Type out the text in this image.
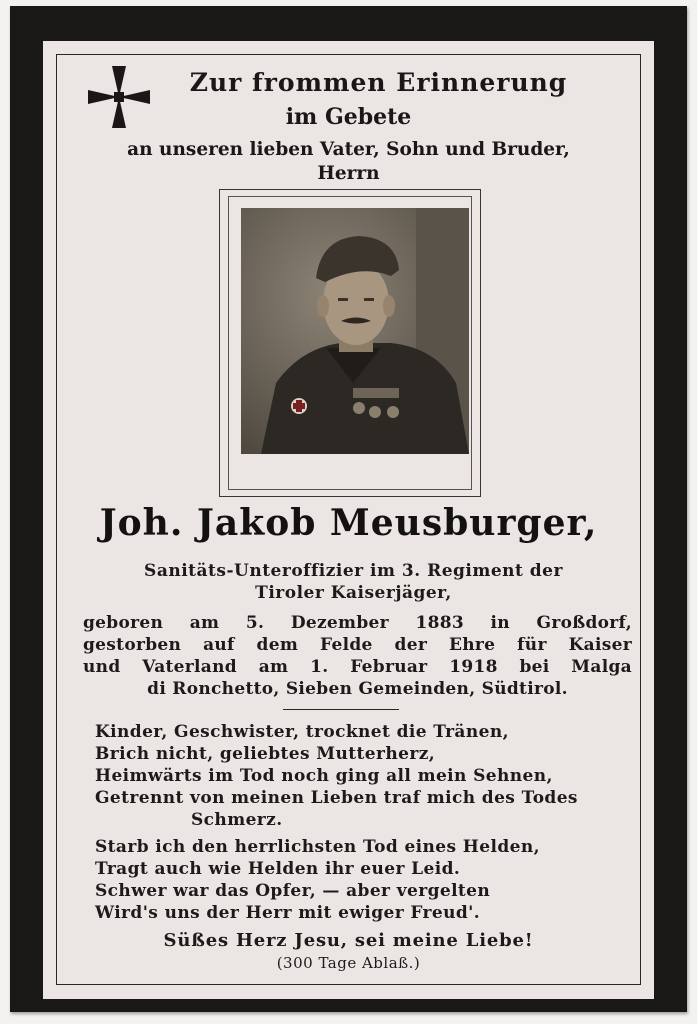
Zur frommen Erinnerung
im Gebete
an unseren lieben Vater, Sohn und Bruder,
Herrn
Joh. Jakob Meusburger,
Sanitäts-Unteroffizier im 3. Regiment der
Tiroler Kaiserjäger,
geboren am 5. Dezember 1883 in Großdorf,
gestorben auf dem Felde der Ehre für Kaiser
und Vaterland am 1. Februar 1918 bei Malga
di Ronchetto, Sieben Gemeinden, Südtirol.
Kinder, Geschwister, trocknet die Tränen,
Brich nicht, geliebtes Mutterherz,
Heimwärts im Tod noch ging all mein Sehnen,
Getrennt von meinen Lieben traf mich des Todes
Schmerz.
Starb ich den herrlichsten Tod eines Helden,
Tragt auch wie Helden ihr euer Leid.
Schwer war das Opfer, — aber vergelten
Wird's uns der Herr mit ewiger Freud'.
Süßes Herz Jesu, sei meine Liebe!
(300 Tage Ablaß.)
